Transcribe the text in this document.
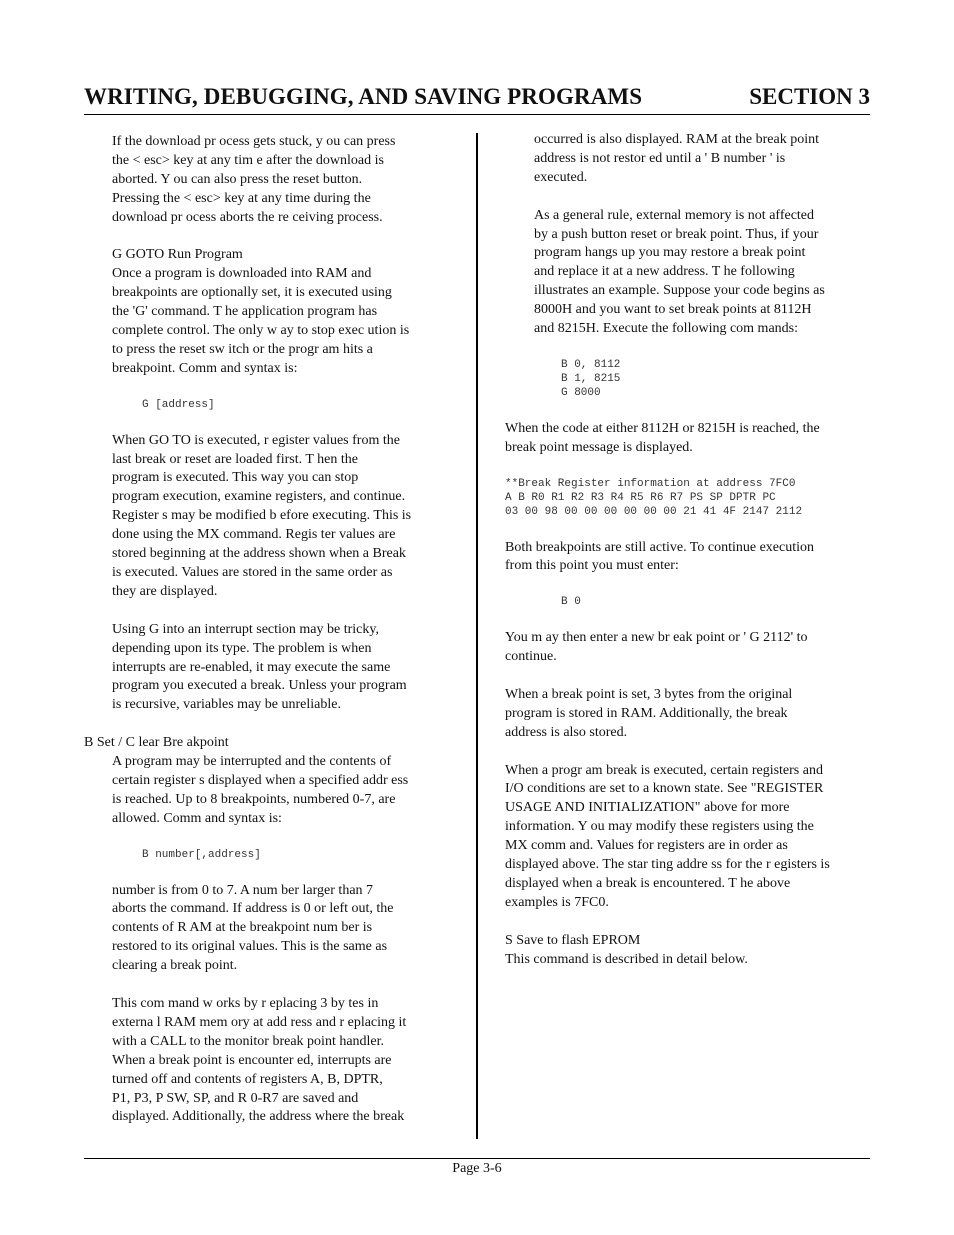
WRITING, DEBUGGING, AND SAVING PROGRAMS	SECTION 3

If the download pr ocess gets stuck, y ou can press
the < esc> key at any tim e after the download is
aborted. Y ou can also press the reset button.
Pressing the < esc> key at any time during the
download pr ocess aborts the re ceiving process.

G GOTO Run Program

Once a program is downloaded into RAM and
breakpoints are optionally set, it is executed using
the 'G' command. T he application program has
complete control. The only w ay to stop exec ution is
to press the reset sw itch or the progr am hits a
breakpoint. Comm and syntax is:

G [address]

When GO TO is executed, r egister values from the
last break or reset are loaded first. T hen the
program is executed. This way you can stop
program execution, examine registers, and continue.
Register s may be modified b efore executing. This is
done using the MX command. Regis ter values are
stored beginning at the address shown when a Break
is executed. Values are stored in the same order as
they are displayed.

Using G into an interrupt section may be tricky,
depending upon its type. The problem is when
interrupts are re-enabled, it may execute the same
program you executed a break. Unless your program
is recursive, variables may be unreliable.

B Set / C lear Bre akpoint

A program may be interrupted and the contents of
certain register s displayed when a specified addr ess
is reached. Up to 8 breakpoints, numbered 0-7, are
allowed. Comm and syntax is:

B number[,address]

number is from 0 to 7. A num ber larger than 7
aborts the command. If address is 0 or left out, the
contents of R AM at the breakpoint num ber is
restored to its original values. This is the same as
clearing a break point.

This com mand w orks by r eplacing 3 by tes in
externa l RAM mem ory at add ress and r eplacing it
with a CALL to the monitor break point handler.
When a break point is encounter ed, interrupts are
turned off and contents of registers A, B, DPTR,
P1, P3, P SW, SP, and R 0-R7 are saved and
displayed. Additionally, the address where the break

occurred is also displayed. RAM at the break point
address is not restor ed until a ' B number ' is
executed.

As a general rule, external memory is not affected
by a push button reset or break point. Thus, if your
program hangs up you may restore a break point
and replace it at a new address. T he following
illustrates an example. Suppose your code begins as
8000H and you want to set break points at 8112H
and 8215H. Execute the following com mands:

B 0, 8112
B 1, 8215
G 8000

When the code at either 8112H or 8215H is reached, the
break point message is displayed.

**Break Register information at address 7FC0
A B R0 R1 R2 R3 R4 R5 R6 R7 PS SP DPTR PC
03 00 98 00 00 00 00 00 00 21 41 4F 2147 2112

Both breakpoints are still active. To continue execution
from this point you must enter:

B 0

You m ay then enter a new br eak point or ' G 2112' to
continue.

When a break point is set, 3 bytes from the original
program is stored in RAM. Additionally, the break
address is also stored.

When a progr am break is executed, certain registers and
I/O conditions are set to a known state. See "REGISTER
USAGE AND INITIALIZATION" above for more
information. Y ou may modify these registers using the
MX comm and. Values for registers are in order as
displayed above. The star ting addre ss for the r egisters is
displayed when a break is encountered. T he above
examples is 7FC0.

S Save to flash EPROM

This command is described in detail below.

Page 3-6
